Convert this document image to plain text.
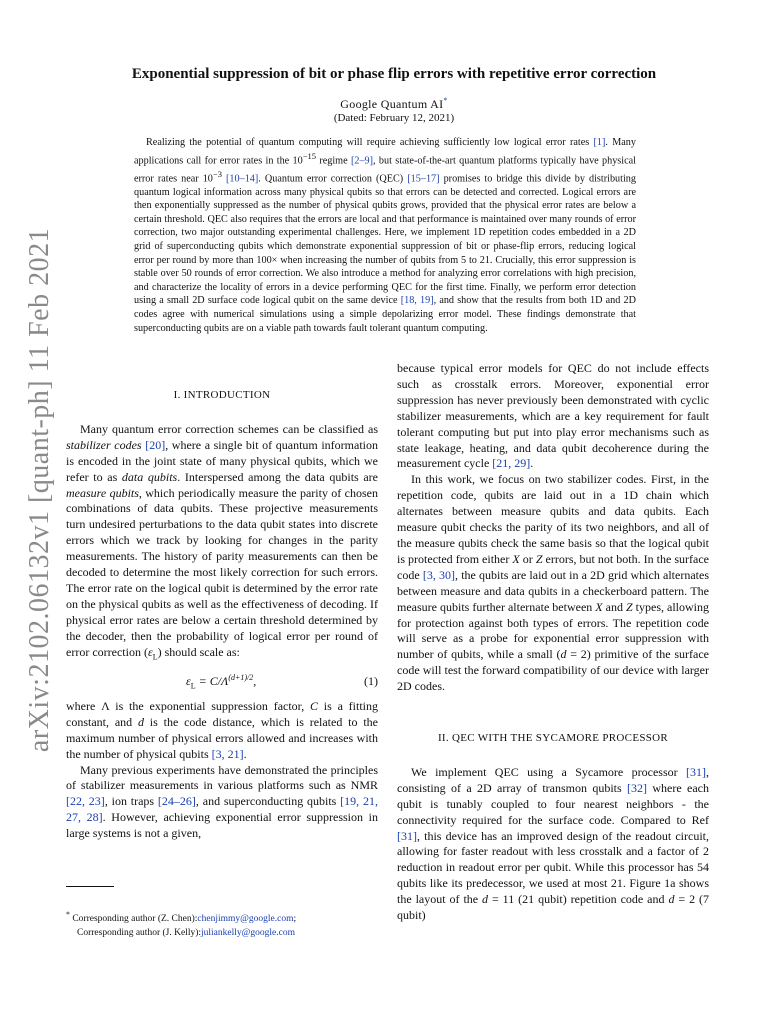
arXiv:2102.06132v1 [quant-ph] 11 Feb 2021
Exponential suppression of bit or phase flip errors with repetitive error correction
Google Quantum AI*
(Dated: February 12, 2021)

Realizing the potential of quantum computing will require achieving sufficiently low logical error rates [1]. Many applications call for error rates in the $10^{-15}$ regime [2–9], but state-of-the-art quantum platforms typically have physical error rates near $10^{-3}$ [10–14]. Quantum error correction (QEC) [15–17] promises to bridge this divide by distributing quantum logical information across many physical qubits so that errors can be detected and corrected. Logical errors are then exponentially suppressed as the number of physical qubits grows, provided that the physical error rates are below a certain threshold. QEC also requires that the errors are local and that performance is maintained over many rounds of error correction, two major outstanding experimental challenges. Here, we implement 1D repetition codes embedded in a 2D grid of superconducting qubits which demonstrate exponential suppression of bit or phase-flip errors, reducing logical error per round by more than 100× when increasing the number of qubits from 5 to 21. Crucially, this error suppression is stable over 50 rounds of error correction. We also introduce a method for analyzing error correlations with high precision, and characterize the locality of errors in a device performing QEC for the first time. Finally, we perform error detection using a small 2D surface code logical qubit on the same device [18, 19], and show that the results from both 1D and 2D codes agree with numerical simulations using a simple depolarizing error model. These findings demonstrate that superconducting qubits are on a viable path towards fault tolerant quantum computing.

I. INTRODUCTION

Many quantum error correction schemes can be classified as stabilizer codes [20], where a single bit of quantum information is encoded in the joint state of many physical qubits, which we refer to as data qubits. Interspersed among the data qubits are measure qubits, which periodically measure the parity of chosen combinations of data qubits. These projective measurements turn undesired perturbations to the data qubit states into discrete errors which we track by looking for changes in the parity measurements. The history of parity measurements can then be decoded to determine the most likely correction for such errors. The error rate on the logical qubit is determined by the error rate on the physical qubits as well as the effectiveness of decoding. If physical error rates are below a certain threshold determined by the decoder, then the probability of logical error per round of error correction $(\varepsilon_L)$ should scale as:

$\varepsilon_L = C/\Lambda^{(d+1)/2}$,	(1)

where Λ is the exponential suppression factor, C is a fitting constant, and d is the code distance, which is related to the maximum number of physical errors allowed and increases with the number of physical qubits [3, 21].

Many previous experiments have demonstrated the principles of stabilizer measurements in various platforms such as NMR [22, 23], ion traps [24–26], and superconducting qubits [19, 21, 27, 28]. However, achieving exponential error suppression in large systems is not a given,

because typical error models for QEC do not include effects such as crosstalk errors. Moreover, exponential error suppression has never previously been demonstrated with cyclic stabilizer measurements, which are a key requirement for fault tolerant computing but put into play error mechanisms such as state leakage, heating, and data qubit decoherence during the measurement cycle [21, 29].

In this work, we focus on two stabilizer codes. First, in the repetition code, qubits are laid out in a 1D chain which alternates between measure qubits and data qubits. Each measure qubit checks the parity of its two neighbors, and all of the measure qubits check the same basis so that the logical qubit is protected from either X or Z errors, but not both. In the surface code [3, 30], the qubits are laid out in a 2D grid which alternates between measure and data qubits in a checkerboard pattern. The measure qubits further alternate between X and Z types, allowing for protection against both types of errors. The repetition code will serve as a probe for exponential error suppression with number of qubits, while a small (d = 2) primitive of the surface code will test the forward compatibility of our device with larger 2D codes.

II. QEC WITH THE SYCAMORE PROCESSOR

We implement QEC using a Sycamore processor [31], consisting of a 2D array of transmon qubits [32] where each qubit is tunably coupled to four nearest neighbors - the connectivity required for the surface code. Compared to Ref [31], this device has an improved design of the readout circuit, allowing for faster readout with less crosstalk and a factor of 2 reduction in readout error per qubit. While this processor has 54 qubits like its predecessor, we used at most 21. Figure 1a shows the layout of the d = 11 (21 qubit) repetition code and d = 2 (7 qubit)

* Corresponding author (Z. Chen):chenjimmy@google.com;

Corresponding author (J. Kelly):juliankelly@google.com
